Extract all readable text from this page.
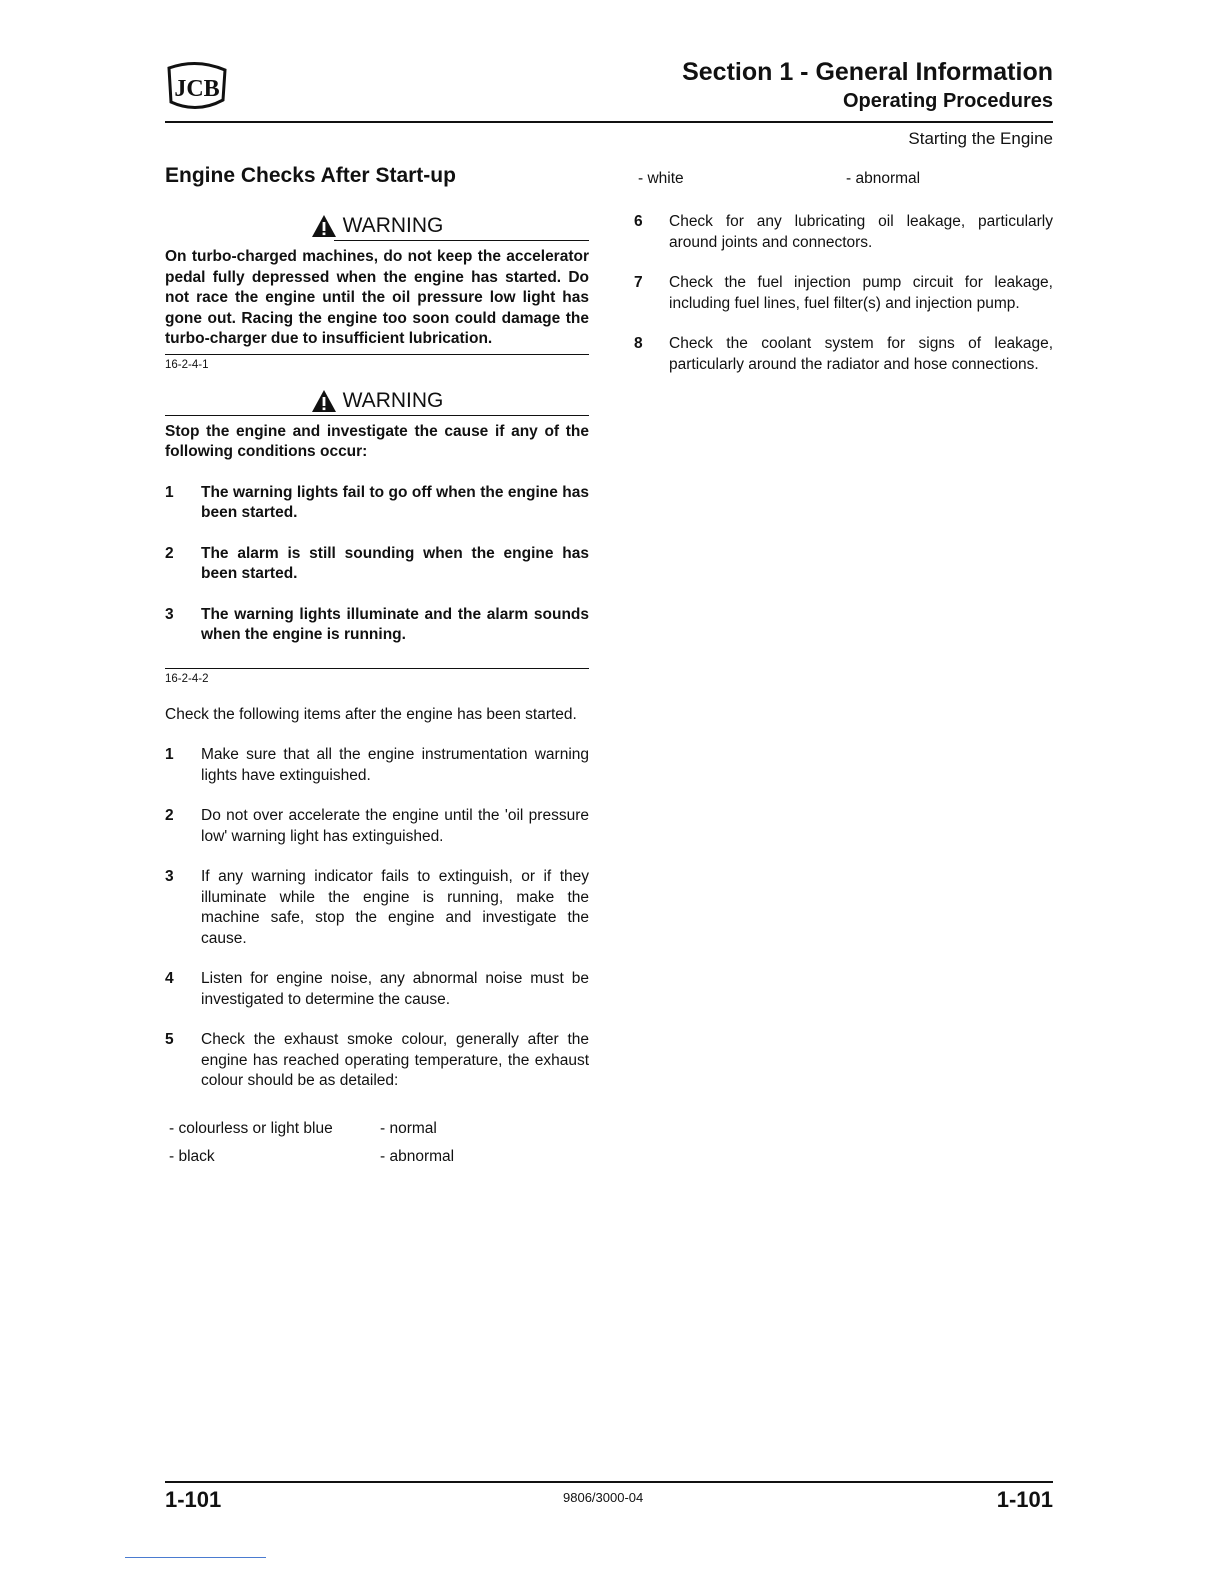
JCB
Section 1 - General Information
Operating Procedures
Starting the Engine
Engine Checks After Start-up
WARNING
On turbo-charged machines, do not keep the accelerator pedal fully depressed when the engine has started. Do not race the engine until the oil pressure low light has gone out. Racing the engine too soon could damage the turbo-charger due to insufficient lubrication.
16-2-4-1
WARNING
Stop the engine and investigate the cause if any of the following conditions occur:
1	The warning lights fail to go off when the engine has been started.
2	The alarm is still sounding when the engine has been started.
3	The warning lights illuminate and the alarm sounds when the engine is running.
16-2-4-2
Check the following items after the engine has been started.
1	Make sure that all the engine instrumentation warning lights have extinguished.
2	Do not over accelerate the engine until the 'oil pressure low' warning light has extinguished.
3	If any warning indicator fails to extinguish, or if they illuminate while the engine is running, make the machine safe, stop the engine and investigate the cause.
4	Listen for engine noise, any abnormal noise must be investigated to determine the cause.
5	Check the exhaust smoke colour, generally after the engine has reached operating temperature, the exhaust colour should be as detailed:
- colourless or light blue	- normal
- black	- abnormal
- white	- abnormal
6	Check for any lubricating oil leakage, particularly around joints and connectors.
7	Check the fuel injection pump circuit for leakage, including fuel lines, fuel filter(s) and injection pump.
8	Check the coolant system for signs of leakage, particularly around the radiator and hose connections.
1-101	9806/3000-04	1-101
